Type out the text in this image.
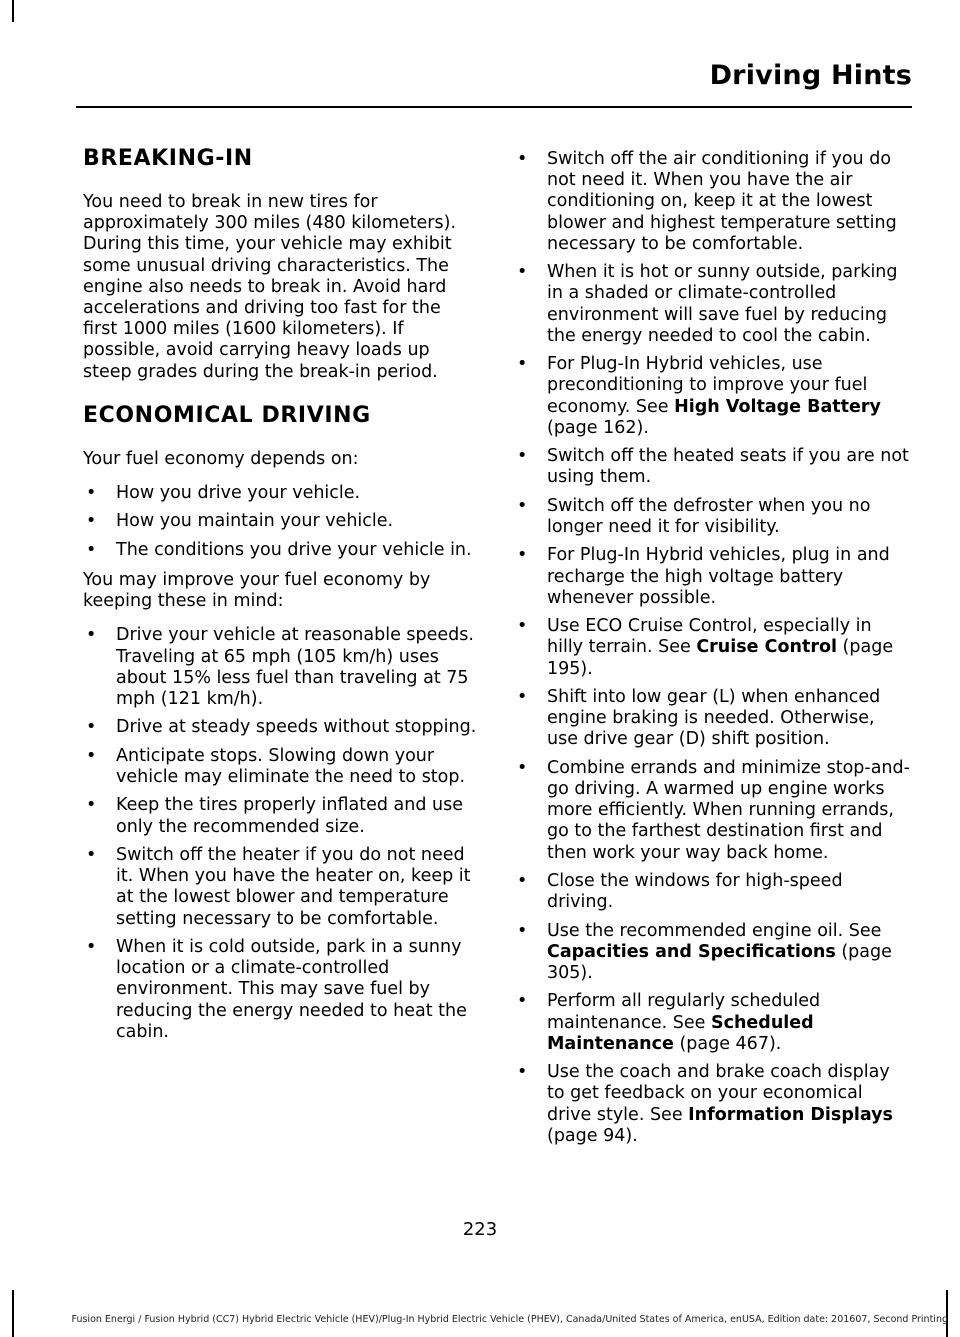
Driving Hints
BREAKING-IN

You need to break in new tires for approximately 300 miles (480 kilometers). During this time, your vehicle may exhibit some unusual driving characteristics. The engine also needs to break in. Avoid hard accelerations and driving too fast for the first 1000 miles (1600 kilometers). If possible, avoid carrying heavy loads up steep grades during the break-in period.

ECONOMICAL DRIVING

Your fuel economy depends on:

• How you drive your vehicle.
• How you maintain your vehicle.
• The conditions you drive your vehicle in.

You may improve your fuel economy by keeping these in mind:

• Drive your vehicle at reasonable speeds. Traveling at 65 mph (105 km/h) uses about 15% less fuel than traveling at 75 mph (121 km/h).
• Drive at steady speeds without stopping.
• Anticipate stops. Slowing down your vehicle may eliminate the need to stop.
• Keep the tires properly inflated and use only the recommended size.
• Switch off the heater if you do not need it. When you have the heater on, keep it at the lowest blower and temperature setting necessary to be comfortable.
• When it is cold outside, park in a sunny location or a climate-controlled environment. This may save fuel by reducing the energy needed to heat the cabin.
• Switch off the air conditioning if you do not need it. When you have the air conditioning on, keep it at the lowest blower and highest temperature setting necessary to be comfortable.
• When it is hot or sunny outside, parking in a shaded or climate-controlled environment will save fuel by reducing the energy needed to cool the cabin.
• For Plug-In Hybrid vehicles, use preconditioning to improve your fuel economy. See High Voltage Battery (page 162).
• Switch off the heated seats if you are not using them.
• Switch off the defroster when you no longer need it for visibility.
• For Plug-In Hybrid vehicles, plug in and recharge the high voltage battery whenever possible.
• Use ECO Cruise Control, especially in hilly terrain. See Cruise Control (page 195).
• Shift into low gear (L) when enhanced engine braking is needed. Otherwise, use drive gear (D) shift position.
• Combine errands and minimize stop-and-go driving. A warmed up engine works more efficiently. When running errands, go to the farthest destination first and then work your way back home.
• Close the windows for high-speed driving.
• Use the recommended engine oil. See Capacities and Specifications (page 305).
• Perform all regularly scheduled maintenance. See Scheduled Maintenance (page 467).
• Use the coach and brake coach display to get feedback on your economical drive style. See Information Displays (page 94).
223
Fusion Energi / Fusion Hybrid (CC7) Hybrid Electric Vehicle (HEV)/Plug-In Hybrid Electric Vehicle (PHEV), Canada/United States of America, enUSA, Edition date: 201607, Second Printing
